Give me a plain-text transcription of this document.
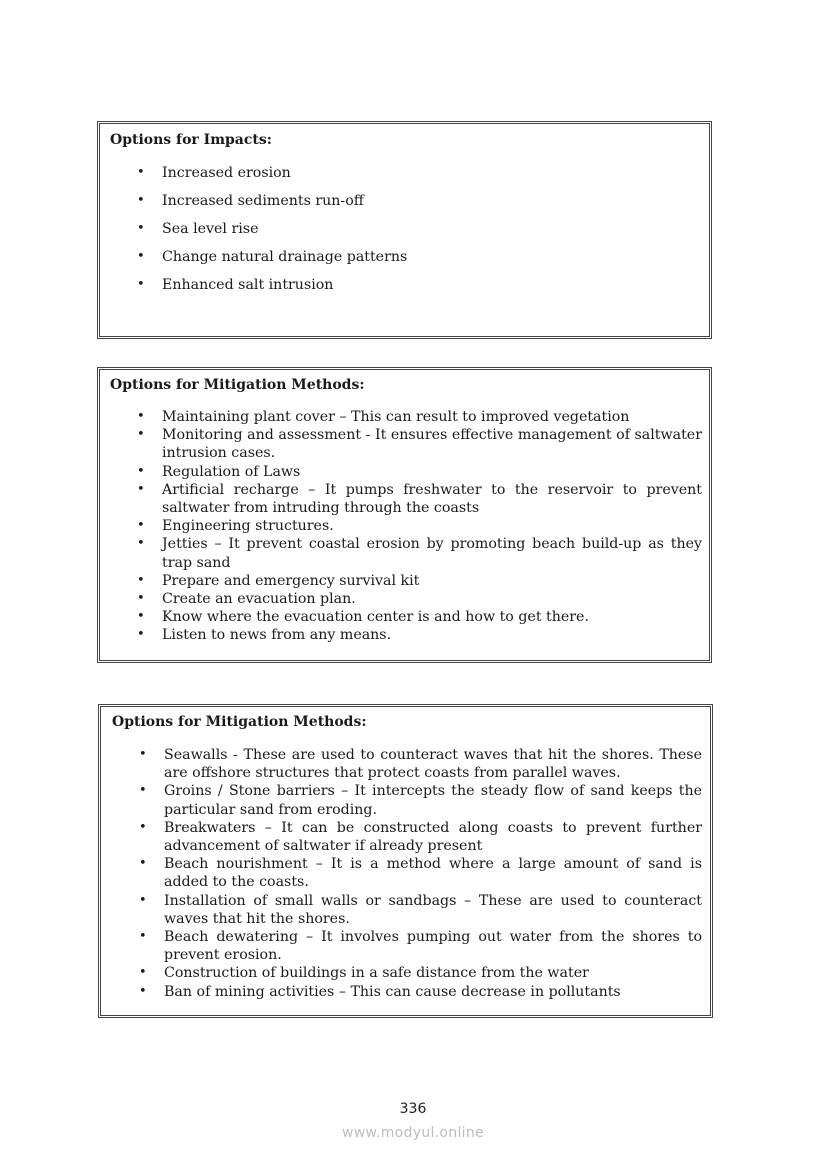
Options for Impacts:
• Increased erosion
• Increased sediments run-off
• Sea level rise
• Change natural drainage patterns
• Enhanced salt intrusion
Options for Mitigation Methods:
• Maintaining plant cover – This can result to improved vegetation
• Monitoring and assessment - It ensures effective management of saltwater intrusion cases.
• Regulation of Laws
• Artificial recharge – It pumps freshwater to the reservoir to prevent saltwater from intruding through the coasts
• Engineering structures.
• Jetties – It prevent coastal erosion by promoting beach build-up as they trap sand
• Prepare and emergency survival kit
• Create an evacuation plan.
• Know where the evacuation center is and how to get there.
• Listen to news from any means.
Options for Mitigation Methods:
• Seawalls - These are used to counteract waves that hit the shores. These are offshore structures that protect coasts from parallel waves.
• Groins / Stone barriers – It intercepts the steady flow of sand keeps the particular sand from eroding.
• Breakwaters – It can be constructed along coasts to prevent further advancement of saltwater if already present
• Beach nourishment – It is a method where a large amount of sand is added to the coasts.
• Installation of small walls or sandbags – These are used to counteract waves that hit the shores.
• Beach dewatering – It involves pumping out water from the shores to prevent erosion.
• Construction of buildings in a safe distance from the water
• Ban of mining activities – This can cause decrease in pollutants
336
www.modyul.online
